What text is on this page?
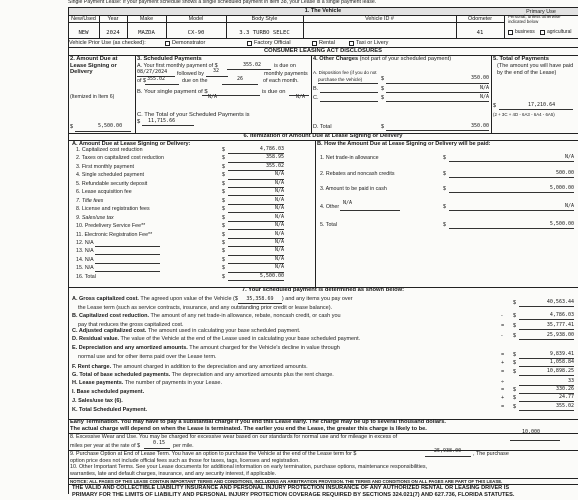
Single Payment Lease: If your payment schedule shows a single scheduled payment in item 38, your Lease is a single payment lease.
1. The Vehicle
Personal, unless otherwise
indicated below
business agricultural
Vehicle Prior Use (as checked):
CONSUMER LEASING ACT DISCLOSURES
2. Amount Due at Lease Signing or Delivery
(Itemized in Item 6)
$	5,500.00
3. Scheduled Payments
A. Your first monthly payment of $	355.02 is due on
08/27/2024 followed by 32	monthly payments
of $ 355.02	due on the	26	of each month.
B. Your single payment of $
N/A
is due on
N/A
C. The Total of your Scheduled Payments is
$ 11,715.66
4. Other Charges (not part of your scheduled payment)
A. Disposition fee (if you do not
purchase the Vehicle)	$	350.00
B.	$	N/A
C.	$	N/A
D. Total	$	350.00
5. Total of Payments
(The amount you will have paid by the end of the Lease)
$	17,210.64
(2 + 3C + 4D - 6A3 - 6A4 - 6A5)
6. Itemization of Amount Due at Lease Signing or Delivery
A. Amount Due at Lease Signing or Delivery:	B. How the Amount Due at Lease Signing or Delivery will be paid:
7. Your scheduled payment is determined as shown below:
Early Termination. You may have to pay a substantial charge if you end this Lease early. The charge may be up to several thousand dollars.
The actual charge will depend on when the Lease is terminated. The earlier you end the Lease, the greater this charge is likely to be.
8. Excessive Wear and Use. You may be charged for excessive wear based on our standards for normal use and for mileage in excess of
10,000
miles per year at the rate of $	0.15 per mile.
9. Purchase Option at End of Lease Term. You have an option to purchase the Vehicle at the end of the Lease term for $	25,938.00 , The purchase
option price does not include official fees such as those for taxes, tags, licenses and registration.
10. Other Important Terms. See your Lease documents for additional information on early termination, purchase options, maintenance responsibilities,
warranties, late and default charges, insurance, and any security interest, if applicable.
NOTICE: ALL PAGES OF THIS LEASE CONTAIN IMPORTANT TERMS AND CONDITIONS, INCLUDING AN ARBITRATION PROVISION. THE TERMS AND CONDITIONS ON ALL PAGES ARE PART OF THIS LEASE.
THE VALID AND COLLECTIBLE LIABILITY INSURANCE AND PERSONAL INJURY PROTECTION INSURANCE OF ANY AUTHORIZED RENTAL OR LEASING DRIVER IS
PRIMARY FOR THE LIMITS OF LIABILITY AND PERSONAL INJURY PROTECTION COVERAGE REQUIRED BY SECTIONS 324.021(7) AND 627.736, FLORIDA STATUTES.
New/Used
NEW
Year
2024
Make
MAZDA
Model
CX-90
Body Style
3.3 TURBO SELEC
Vehicle ID #	Odometer
41
Primary Use
Demonstrator	Factory Official	Rental	Taxi or Livery
1. Capitalized cost reduction	$	4,786.03
2. Taxes on capitalized cost reduction	$	358.95
3. First monthly payment	$	355.02
4. Single scheduled payment	$	N/A
5. Refundable security deposit	$	N/A
6. Lease acquisition fee	$	N/A
7. Title fees	$	N/A
8. License and registration fees	$	N/A
9. Sales/use tax	$	N/A
10. Predelivery Service Fee**	$	N/A
11. Electronic Registration Fee**	$	N/A
12. N/A	$	N/A
13. N/A	$	N/A
14. N/A	$	N/A
15. N/A	$	N/A
16. Total	$	5,500.00
1. Net trade-in allowance	$	N/A
2. Rebates and noncash credits	$	500.00
3. Amount to be paid in cash	$	5,000.00
4. Other
N/A
$	N/A
5. Total	$	5,500.00
A. Gross capitalized cost. The agreed upon value of the Vehicle ($ 35,358.69 ) and any items you pay over
the Lease term (such as service contracts, insurance, and any outstanding prior credit or lease balance).
$	40,563.44
B. Capitalized cost reduction. The amount of any net trade-in allowance, rebate, noncash credit, or cash you
pay that reduces the gross capitalized cost.
- $	4,786.03
C. Adjusted capitalized cost. The amount used in calculating your base scheduled payment.
= $	35,777.41
D. Residual value. The value of the Vehicle at the end of the Lease used in calculating your base scheduled payment.	- $	25,938.00
E. Depreciation and any amortized amounts. The amount charged for the Vehicle's decline in value through
normal use and for other items paid over the Lease term.	= $	9,839.41
F. Rent charge. The amount charged in addition to the depreciation and any amortized amounts.
+ $	1,058.84
G. Total of base scheduled payments. The depreciation and any amortized amounts plus the rent charge.	= $	10,898.25
H. Lease payments. The number of payments in your Lease.	÷	33
I. Base scheduled payment.	= $	330.26
J. Sales/use tax (6).	+ $	24.77
K. Total Scheduled Payment.	= $	355.02
